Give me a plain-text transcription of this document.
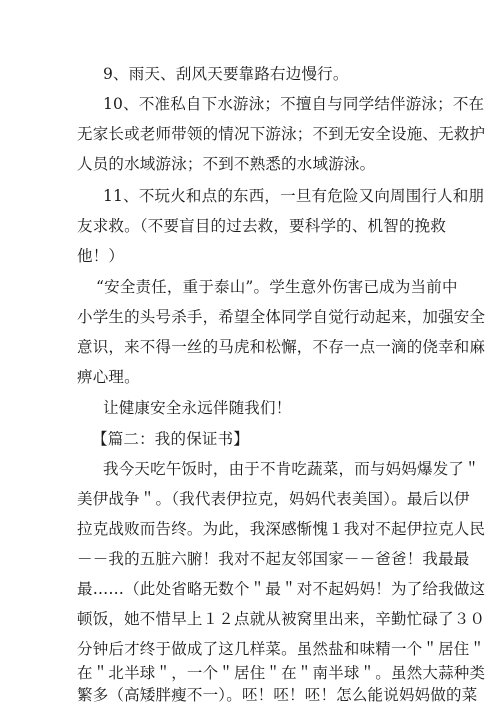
9、雨天、刮风天要靠路右边慢行。
10、不准私自下水游泳；不擅自与同学结伴游泳；不在
无家长或老师带领的情况下游泳；不到无安全设施、无救护
人员的水域游泳；不到不熟悉的水域游泳。
11、不玩火和点的东西，一旦有危险又向周围行人和朋
友求救。（不要盲目的过去救，要科学的、机智的挽救
他！）
“安全责任，重于泰山”。学生意外伤害已成为当前中
小学生的头号杀手，希望全体同学自觉行动起来，加强安全
意识，来不得一丝的马虎和松懈，不存一点一滴的侥幸和麻
痹心理。
让健康安全永远伴随我们！
【篇二：我的保证书】
我今天吃午饭时，由于不肯吃蔬菜，而与妈妈爆发了＂
美伊战争＂。（我代表伊拉克，妈妈代表美国）。最后以伊
拉克战败而告终。为此，我深感惭愧１我对不起伊拉克人民
－－我的五脏六腑！我对不起友邻国家－－爸爸！我最最
最……（此处省略无数个＂最＂对不起妈妈！为了给我做这
顿饭，她不惜早上１２点就从被窝里出来，辛勤忙碌了３０
分钟后才终于做成了这几样菜。虽然盐和味精一个＂居住＂
在＂北半球＂，一个＂居住＂在＂南半球＂。虽然大蒜种类
繁多（高矮胖瘦不一）。呸！呸！呸！怎么能说妈妈做的菜
